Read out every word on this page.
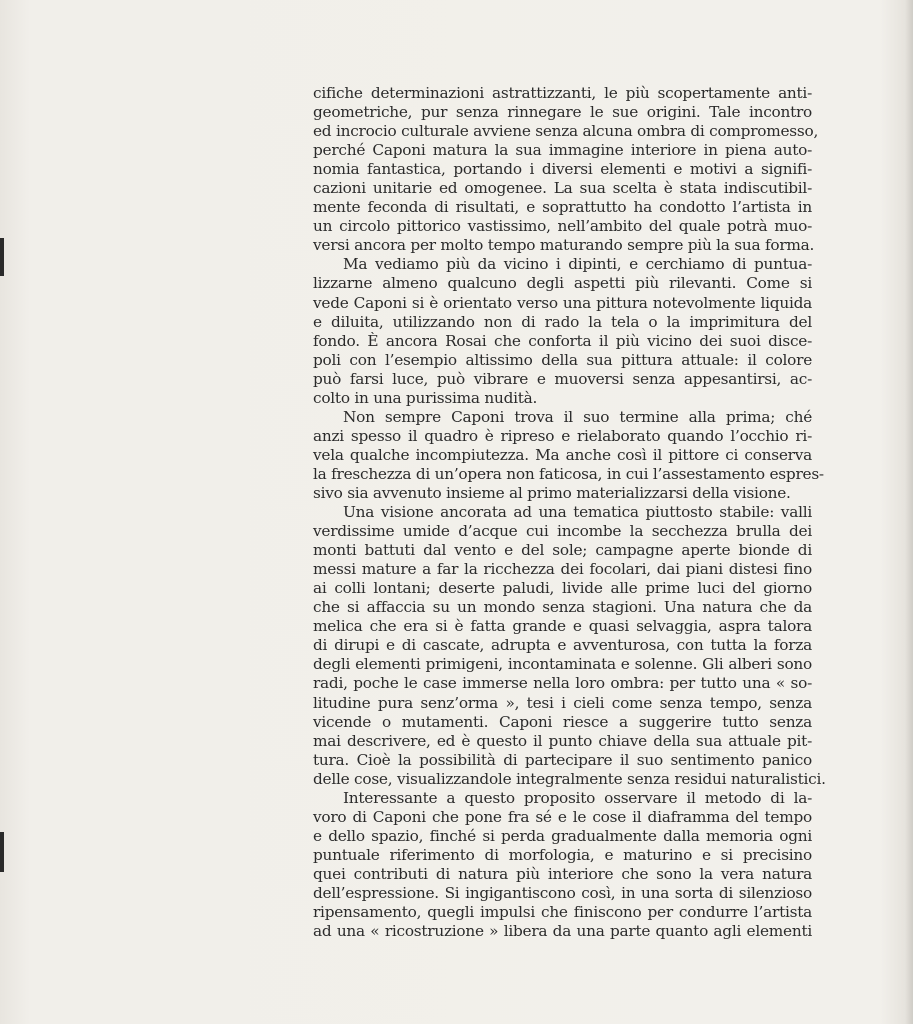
cifiche determinazioni astrattizzanti, le più scopertamente anti-
geometriche, pur senza rinnegare le sue origini. Tale incontro
ed incrocio culturale avviene senza alcuna ombra di compromesso,
perché Caponi matura la sua immagine interiore in piena auto-
nomia fantastica, portando i diversi elementi e motivi a signifi-
cazioni unitarie ed omogenee. La sua scelta è stata indiscutibil-
mente feconda di risultati, e soprattutto ha condotto l’artista in
un circolo pittorico vastissimo, nell’ambito del quale potrà muo-
versi ancora per molto tempo maturando sempre più la sua forma.
Ma vediamo più da vicino i dipinti, e cerchiamo di puntua-
lizzarne almeno qualcuno degli aspetti più rilevanti. Come si
vede Caponi si è orientato verso una pittura notevolmente liquida
e diluita, utilizzando non di rado la tela o la imprimitura del
fondo. È ancora Rosai che conforta il più vicino dei suoi disce-
poli con l’esempio altissimo della sua pittura attuale: il colore
può farsi luce, può vibrare e muoversi senza appesantirsi, ac-
colto in una purissima nudità.
Non sempre Caponi trova il suo termine alla prima; ché
anzi spesso il quadro è ripreso e rielaborato quando l’occhio ri-
vela qualche incompiutezza. Ma anche così il pittore ci conserva
la freschezza di un’opera non faticosa, in cui l’assestamento espres-
sivo sia avvenuto insieme al primo materializzarsi della visione.
Una visione ancorata ad una tematica piuttosto stabile: valli
verdissime umide d’acque cui incombe la secchezza brulla dei
monti battuti dal vento e del sole; campagne aperte bionde di
messi mature a far la ricchezza dei focolari, dai piani distesi fino
ai colli lontani; deserte paludi, livide alle prime luci del giorno
che si affaccia su un mondo senza stagioni. Una natura che da
melica che era si è fatta grande e quasi selvaggia, aspra talora
di dirupi e di cascate, adrupta e avventurosa, con tutta la forza
degli elementi primigeni, incontaminata e solenne. Gli alberi sono
radi, poche le case immerse nella loro ombra: per tutto una « so-
litudine pura senz’orma », tesi i cieli come senza tempo, senza
vicende o mutamenti. Caponi riesce a suggerire tutto senza
mai descrivere, ed è questo il punto chiave della sua attuale pit-
tura. Cioè la possibilità di partecipare il suo sentimento panico
delle cose, visualizzandole integralmente senza residui naturalistici.
Interessante a questo proposito osservare il metodo di la-
voro di Caponi che pone fra sé e le cose il diaframma del tempo
e dello spazio, finché si perda gradualmente dalla memoria ogni
puntuale riferimento di morfologia, e maturino e si precisino
quei contributi di natura più interiore che sono la vera natura
dell’espressione. Si ingigantiscono così, in una sorta di silenzioso
ripensamento, quegli impulsi che finiscono per condurre l’artista
ad una « ricostruzione » libera da una parte quanto agli elementi
